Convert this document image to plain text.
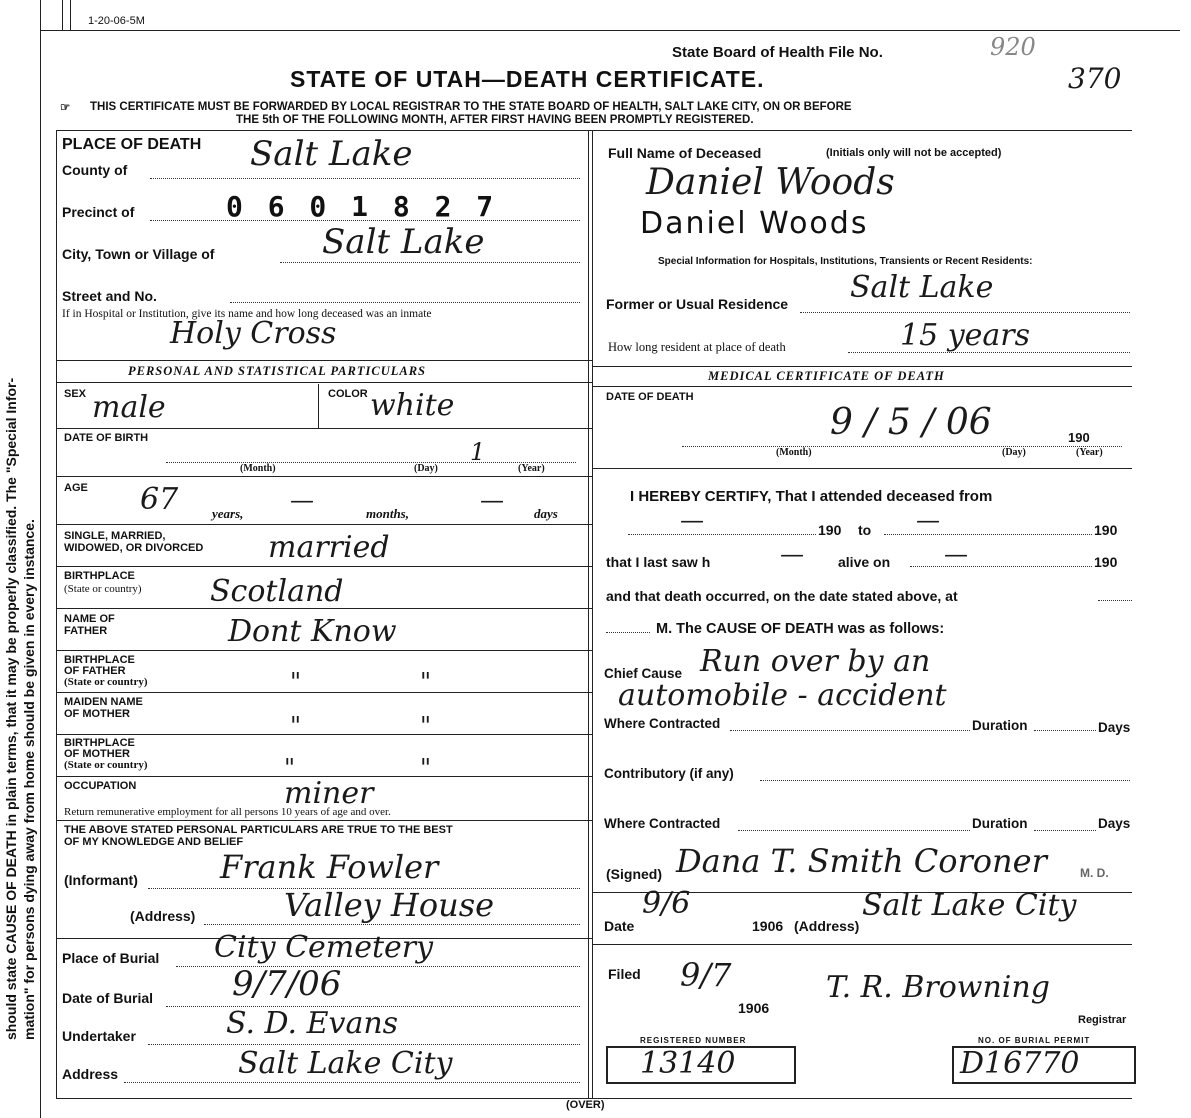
should state CAUSE OF DEATH in plain terms, that it may be properly classified. The "Special Infor- mation" for persons dying away from home should be given in every instance.
1-20-06-5M
State Board of Health File No.	920
STATE OF UTAH—DEATH CERTIFICATE.	370
☞ THIS CERTIFICATE MUST BE FORWARDED BY LOCAL REGISTRAR TO THE STATE BOARD OF HEALTH, SALT LAKE CITY, ON OR BEFORE
THE 5th OF THE FOLLOWING MONTH, AFTER FIRST HAVING BEEN PROMPTLY REGISTERED.
PLACE OF DEATH
County of	Salt Lake
Precinct of	0 6 0 1 8 2 7
City, Town or Village of	Salt Lake
Street and No.
If in Hospital or Institution, give its name and how long deceased was an inmate
Holy Cross
PERSONAL AND STATISTICAL PARTICULARS
SEX male	COLOR white
DATE OF BIRTH	1
(Month)	(Day)	(Year)
AGE 67	years, —	months,	— days
SINGLE, MARRIED,
WIDOWED, OR DIVORCED married
BIRTHPLACE
(State or country) Scotland
NAME OF
FATHER	Dont Know
BIRTHPLACE
OF FATHER
(State or country)	"	"
MAIDEN NAME
OF MOTHER	"	"
BIRTHPLACE
OF MOTHER
(State or country)	"	"
OCCUPATION	miner
Return remunerative employment for all persons 10 years of age and over.
THE ABOVE STATED PERSONAL PARTICULARS ARE TRUE TO THE BEST
OF MY KNOWLEDGE AND BELIEF
(Informant)	Frank Fowler
(Address)	Valley House
Place of Burial City Cemetery
Date of Burial 9/7/06
Undertaker	S. D. Evans
Address	Salt Lake City
Full Name of Deceased	(Initials only will not be accepted)
Daniel Woods
Daniel Woods
Special Information for Hospitals, Institutions, Transients or Recent Residents:
Former or Usual Residence Salt Lake
How long resident at place of death	15 years
MEDICAL CERTIFICATE OF DEATH
DATE OF DEATH
9 / 5 / 06	190
(Month)	(Day)	(Year)
I HEREBY CERTIFY, That I attended deceased from
—	190 to —	190
that I last saw h	— alive on —	190
and that death occurred, on the date stated above, at
M. The CAUSE OF DEATH was as follows:
Chief Cause Run over by an
automobile - accident
Where Contracted	Duration	Days
Contributory (if any)
Where Contracted	Duration	Days
(Signed) Dana T. Smith Coroner	M. D.
Date
9/6
1906 (Address)
Salt Lake City
Filed 9/7
1906
T. R. Browning
Registrar
REGISTERED NUMBER
13140
NO. OF BURIAL PERMIT
D16770
(OVER)
